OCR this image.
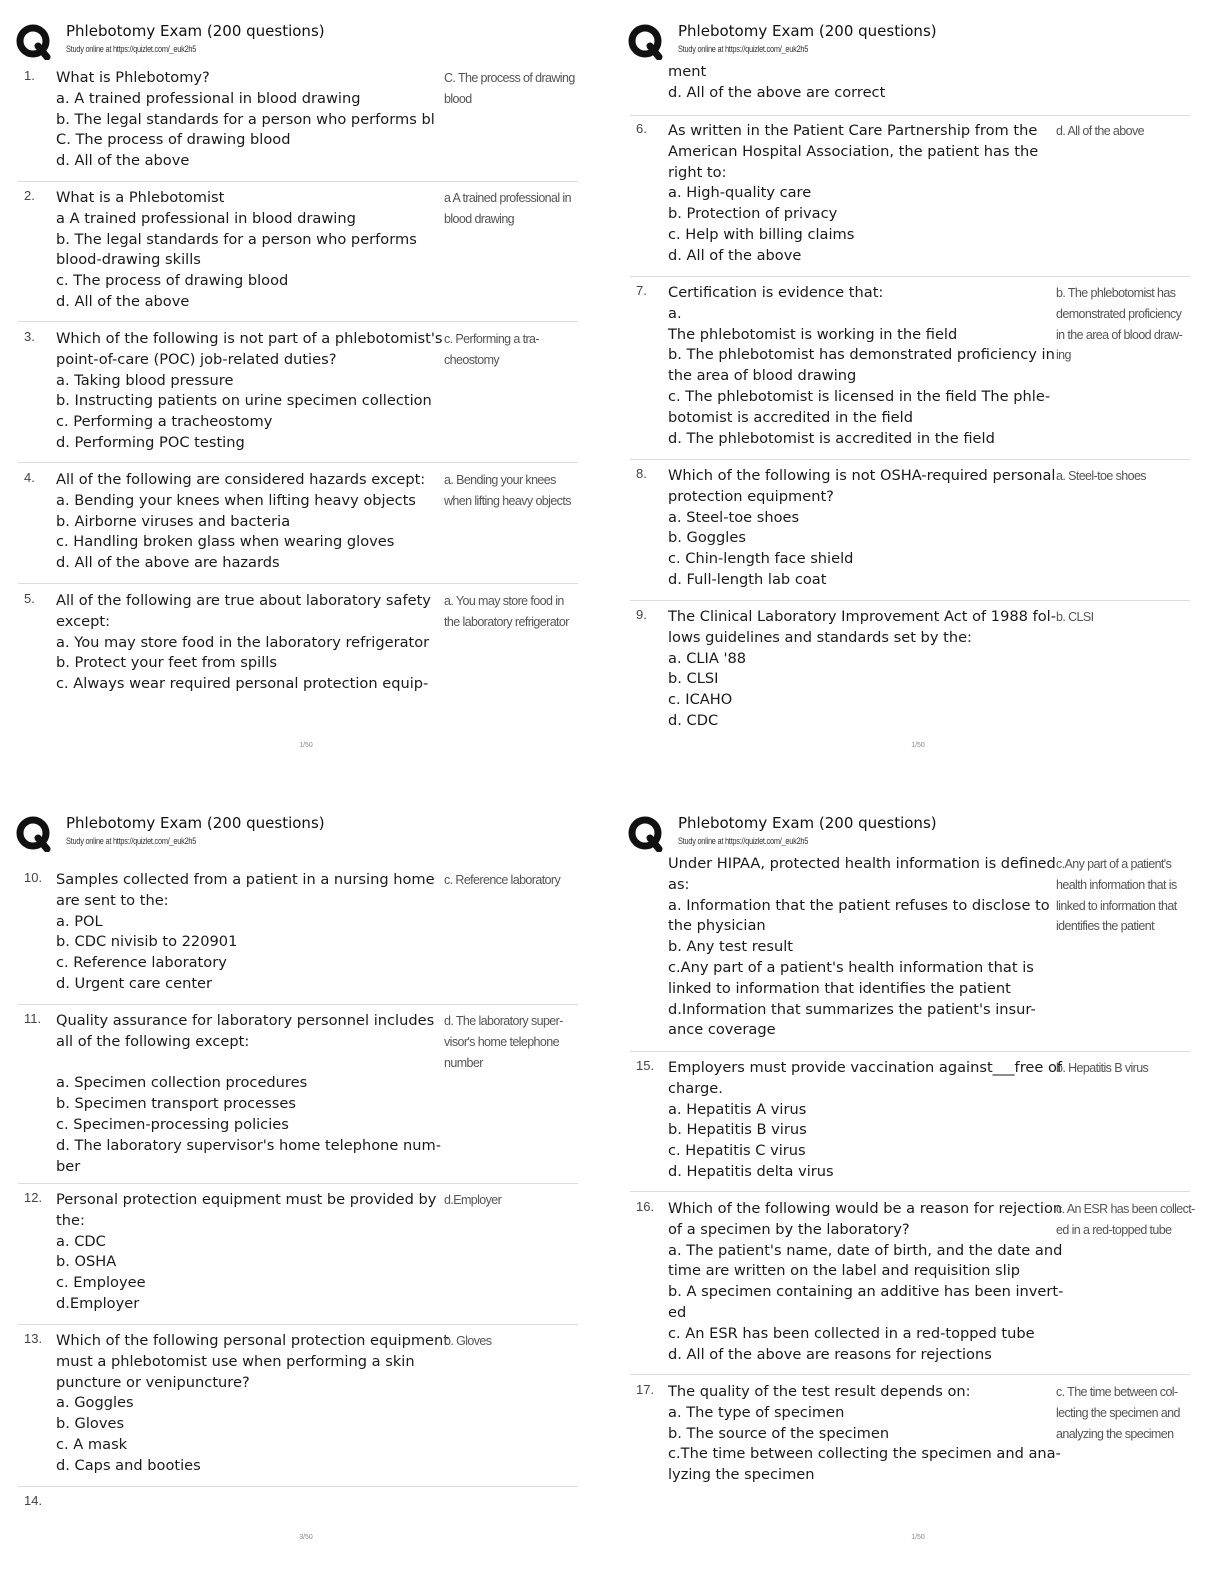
Phlebotomy Exam (200 questions)
Study online at https://quizlet.com/_euk2h5
1. What is Phlebotomy?
a. A trained professional in blood drawing
b. The legal standards for a person who performs bl
C. The process of drawing blood
d. All of the above
C. The process of drawing
blood
2. What is a Phlebotomist
a A trained professional in blood drawing
b. The legal standards for a person who performs
blood-drawing skills
c. The process of drawing blood
d. All of the above
a A trained professional in
blood drawing
3. Which of the following is not part of a phlebotomist's
point-of-care (POC) job-related duties?
a. Taking blood pressure
b. Instructing patients on urine specimen collection
c. Performing a tracheostomy
d. Performing POC testing
c. Performing a tra-
cheostomy
4. All of the following are considered hazards except:
a. Bending your knees when lifting heavy objects
b. Airborne viruses and bacteria
c. Handling broken glass when wearing gloves
d. All of the above are hazards
a. Bending your knees
when lifting heavy objects
5. All of the following are true about laboratory safety
except:
a. You may store food in the laboratory refrigerator
b. Protect your feet from spills
c. Always wear required personal protection equip-
a. You may store food in
the laboratory refrigerator
1/50
Phlebotomy Exam (200 questions)
Study online at https://quizlet.com/_euk2h5
ment
d. All of the above are correct
6. As written in the Patient Care Partnership from the
American Hospital Association, the patient has the
right to:
a. High-quality care
b. Protection of privacy
c. Help with billing claims
d. All of the above
d. All of the above
7. Certification is evidence that:
a.
The phlebotomist is working in the field
b. The phlebotomist has demonstrated proficiency in
the area of blood drawing
c. The phlebotomist is licensed in the field The phle-
botomist is accredited in the field
d. The phlebotomist is accredited in the field
b. The phlebotomist has
demonstrated proficiency
in the area of blood draw-
ing
8. Which of the following is not OSHA-required personal
protection equipment?
a. Steel-toe shoes
b. Goggles
c. Chin-length face shield
d. Full-length lab coat
a. Steel-toe shoes
9. The Clinical Laboratory Improvement Act of 1988 fol-
lows guidelines and standards set by the:
a. CLIA '88
b. CLSI
c. ICAHO
d. CDC
b. CLSI
1/50
Phlebotomy Exam (200 questions)
Study online at https://quizlet.com/_euk2h5
10. Samples collected from a patient in a nursing home
are sent to the:
a. POL
b. CDC nivisib to 220901
c. Reference laboratory
d. Urgent care center
c. Reference laboratory
11. Quality assurance for laboratory personnel includes
all of the following except:

a. Specimen collection procedures
b. Specimen transport processes
c. Specimen-processing policies
d. The laboratory supervisor's home telephone num-
ber
d. The laboratory super-
visor's home telephone
number
12. Personal protection equipment must be provided by
the:
a. CDC
b. OSHA
c. Employee
d.Employer
d.Employer
13. Which of the following personal protection equipment
must a phlebotomist use when performing a skin
puncture or venipuncture?
a. Goggles
b. Gloves
c. A mask
d. Caps and booties
b. Gloves
14.
3/50
Phlebotomy Exam (200 questions)
Study online at https://quizlet.com/_euk2h5
Under HIPAA, protected health information is defined
as:
a. Information that the patient refuses to disclose to
the physician
b. Any test result
c.Any part of a patient's health information that is
linked to information that identifies the patient
d.Information that summarizes the patient's insur-
ance coverage
c.Any part of a patient's
health information that is
linked to information that
identifies the patient
15. Employers must provide vaccination against___free of
charge.
a. Hepatitis A virus
b. Hepatitis B virus
c. Hepatitis C virus
d. Hepatitis delta virus
b. Hepatitis B virus
16. Which of the following would be a reason for rejection
of a specimen by the laboratory?
a. The patient's name, date of birth, and the date and
time are written on the label and requisition slip
b. A specimen containing an additive has been invert-
ed
c. An ESR has been collected in a red-topped tube
d. All of the above are reasons for rejections
c. An ESR has been collect-
ed in a red-topped tube
17. The quality of the test result depends on:
a. The type of specimen
b. The source of the specimen
c.The time between collecting the specimen and ana-
lyzing the specimen
c. The time between col-
lecting the specimen and
analyzing the specimen
1/50
